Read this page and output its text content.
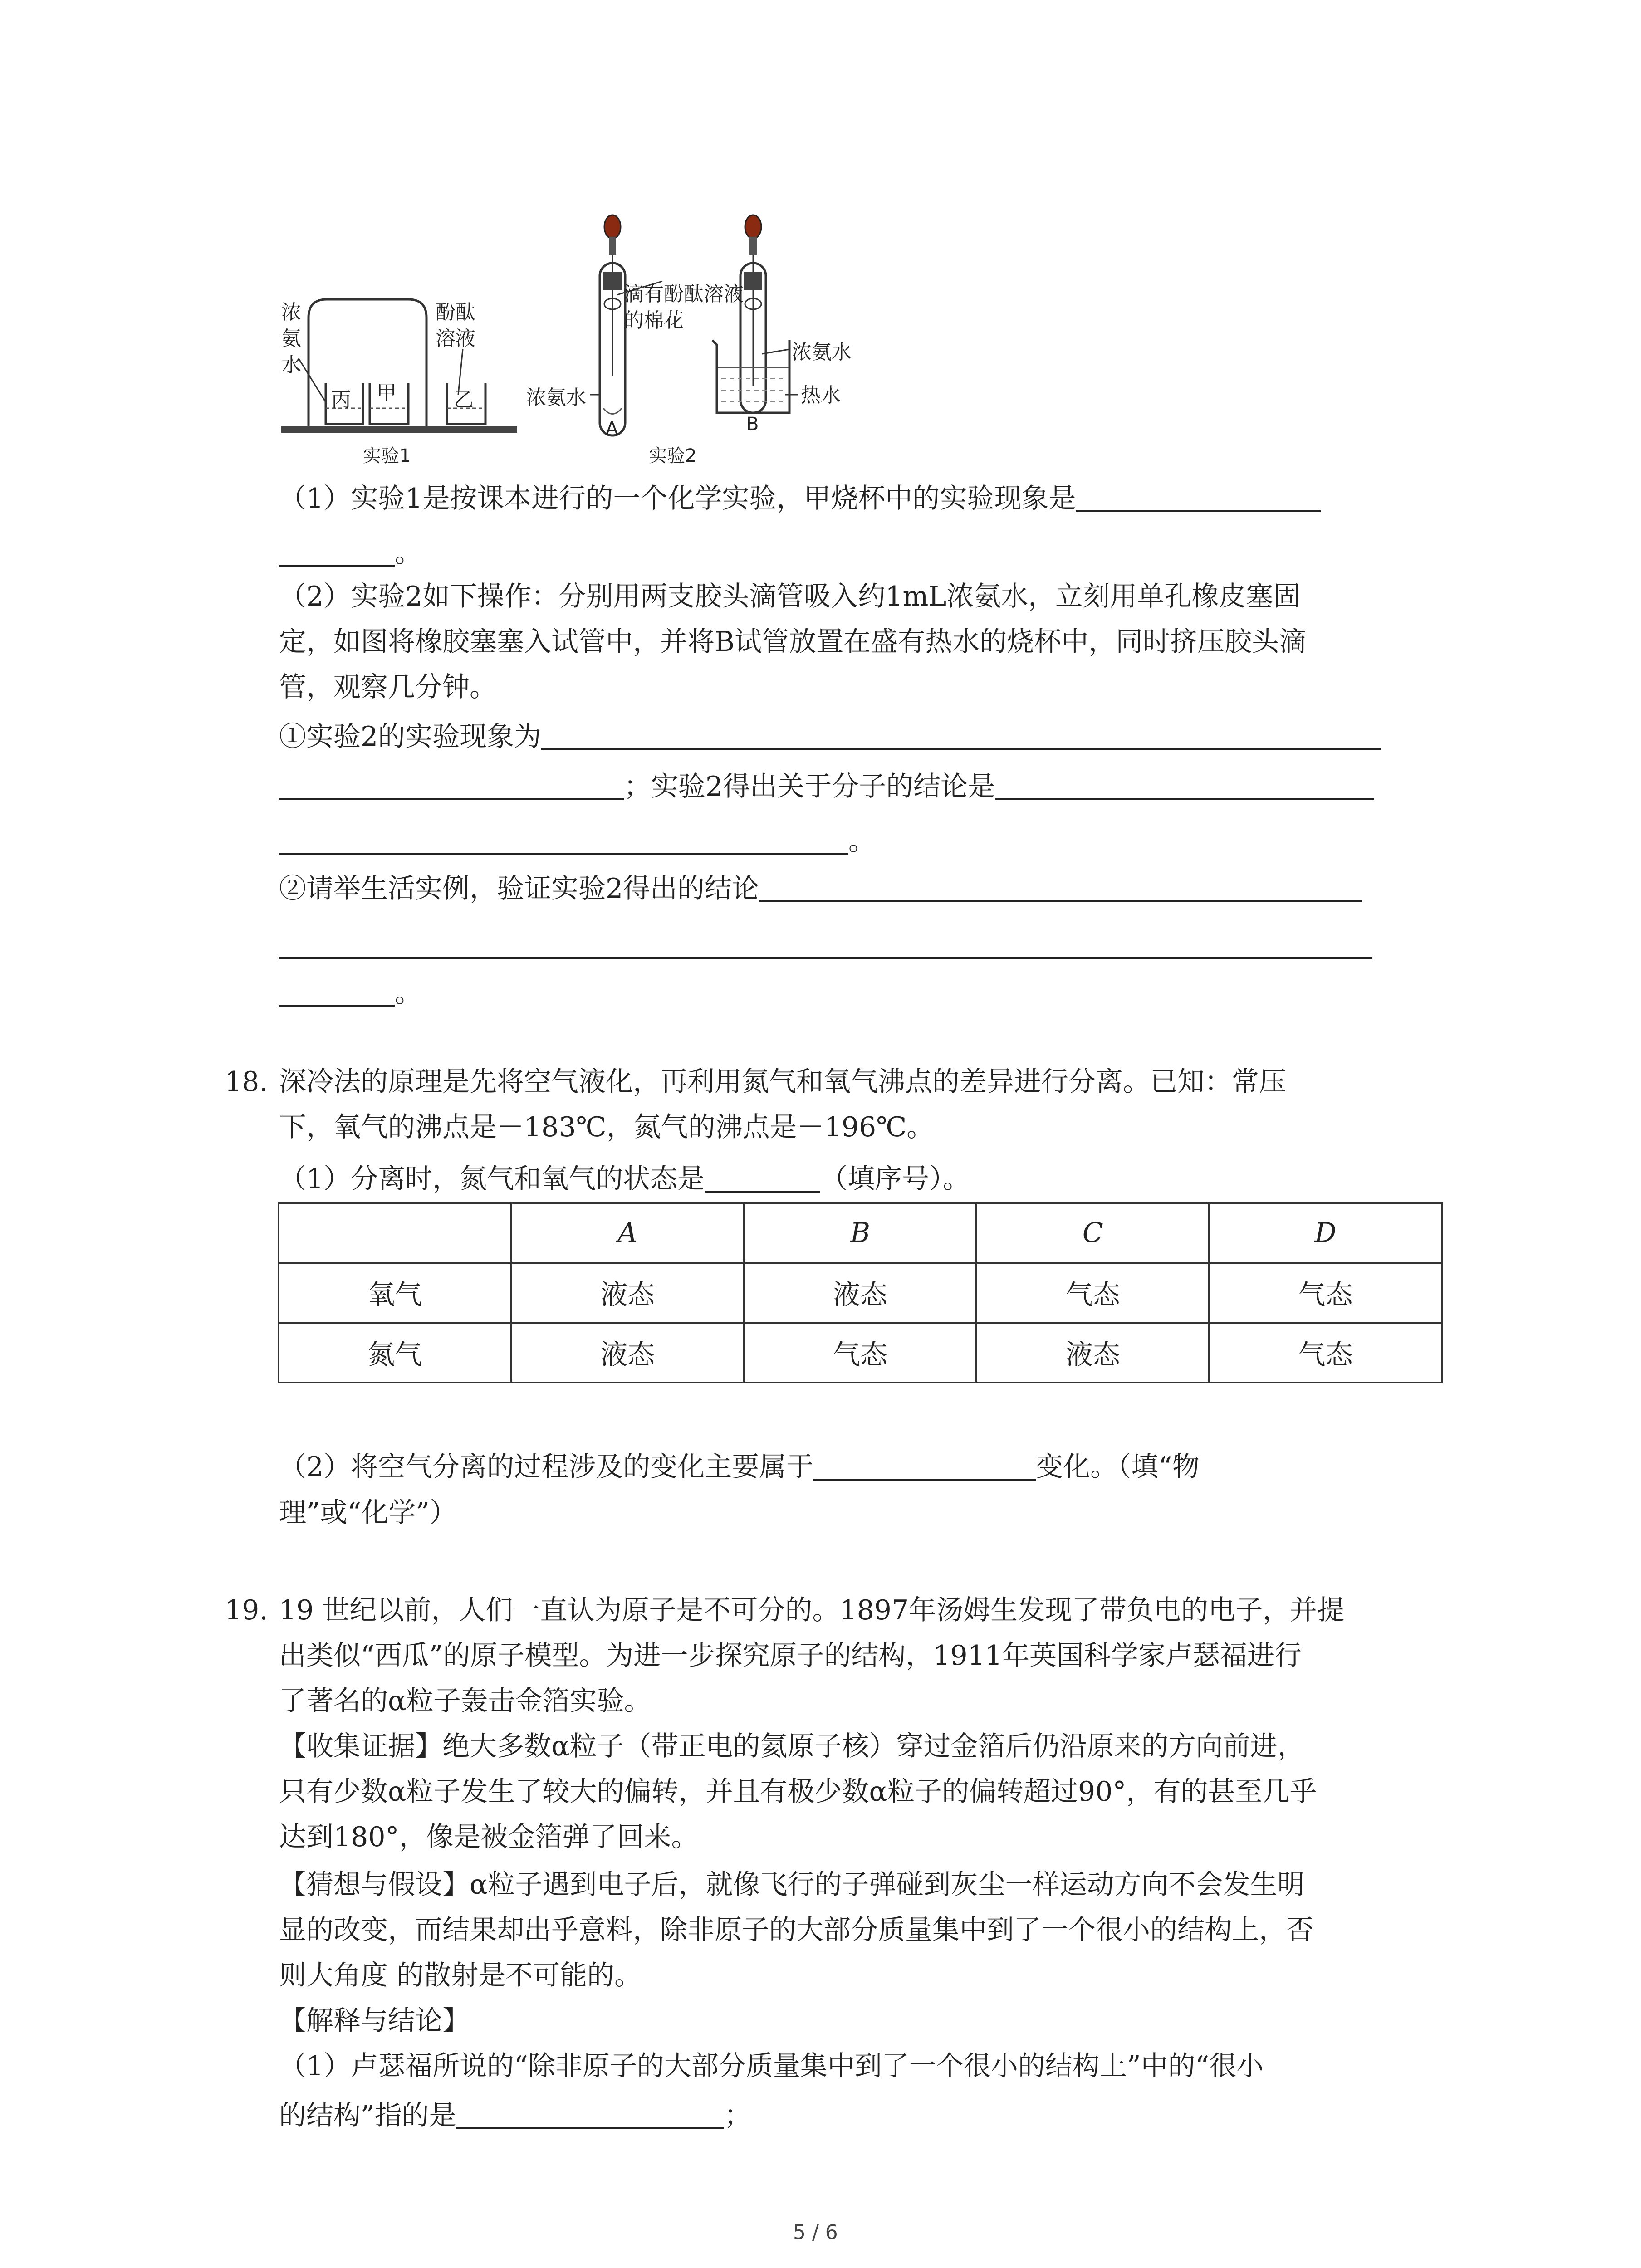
浓氨水
酚酞溶液
丙 甲	乙
实验1
滴有酚酞溶液的棉花
浓氨水
浓氨水
热水
A	B
实验2
（1）实验1是按课本进行的一个化学实验，甲烧杯中的实验现象是
。
（2）实验2如下操作：分别用两支胶头滴管吸入约1mL浓氨水，立刻用单孔橡皮塞固
定，如图将橡胶塞塞入试管中，并将B试管放置在盛有热水的烧杯中，同时挤压胶头滴
管，观察几分钟。
①实验2的实验现象为
；实验2得出关于分子的结论是
。
②请举生活实例，验证实验2得出的结论
。
18. 深冷法的原理是先将空气液化，再利用氮气和氧气沸点的差异进行分离。已知：常压
下，氧气的沸点是－183℃，氮气的沸点是－196℃。
（1）分离时，氮气和氧气的状态是	（填序号）。
	A	B	C	D
氧气	液态	液态	气态	气态
氮气	液态	气态	液态	气态
（2）将空气分离的过程涉及的变化主要属于	变化。（填“物
理”或“化学”）
19. 19 世纪以前，人们一直认为原子是不可分的。1897年汤姆生发现了带负电的电子，并提
出类似“西瓜”的原子模型。为进一步探究原子的结构，1911年英国科学家卢瑟福进行
了著名的α粒子轰击金箔实验。
【收集证据】绝大多数α粒子（带正电的氦原子核）穿过金箔后仍沿原来的方向前进，
只有少数α粒子发生了较大的偏转，并且有极少数α粒子的偏转超过90°，有的甚至几乎
达到180°，像是被金箔弹了回来。
【猜想与假设】α粒子遇到电子后，就像飞行的子弹碰到灰尘一样运动方向不会发生明
显的改变，而结果却出乎意料，除非原子的大部分质量集中到了一个很小的结构上，否
则大角度 的散射是不可能的。
【解释与结论】
（1）卢瑟福所说的“除非原子的大部分质量集中到了一个很小的结构上”中的“很小
的结构”指的是	；
5 / 6
